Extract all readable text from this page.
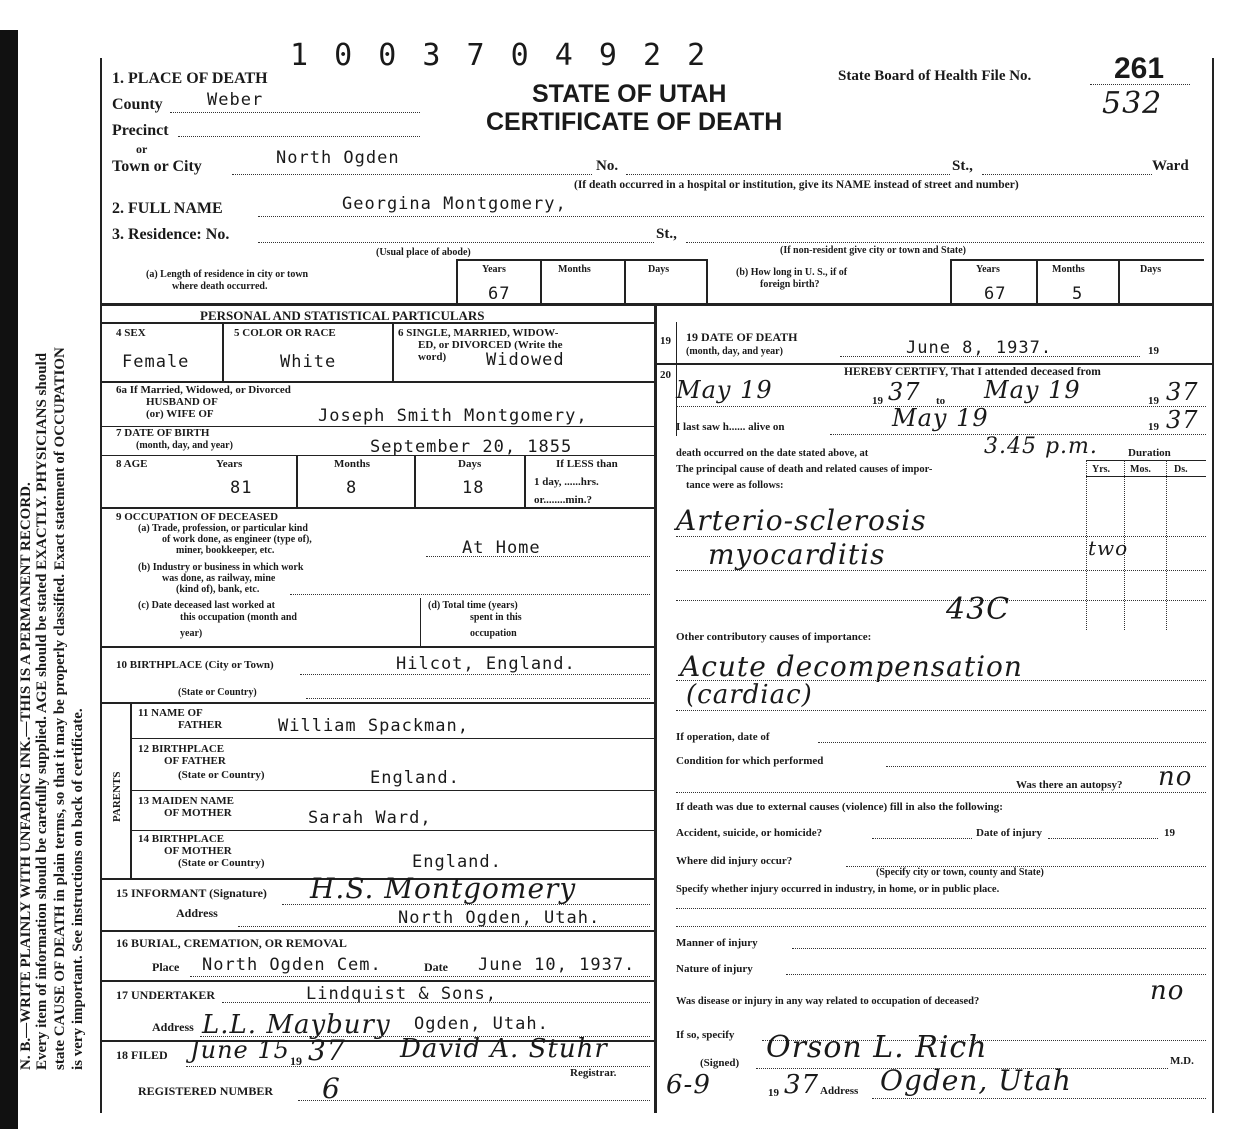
N. B.—WRITE PLAINLY WITH UNFADING INK.—THIS IS A PERMANENT RECORD. Every item of information should be carefully supplied. AGE should be stated EXACTLY. PHYSICIANS should state CAUSE OF DEATH in plain terms, so that it may be properly classified. Exact statement of OCCUPATION is very important. See instructions on back of certificate.
1 0 0 3 7 0 4 9 2 2
State Board of Health File No.	261
532
STATE OF UTAH
CERTIFICATE OF DEATH
1. PLACE OF DEATH
County	Weber
Precinct
or
Town or City	North Ogden	No.	St.,	Ward
(If death occurred in a hospital or institution, give its NAME instead of street and number)
2. FULL NAME	Georgina Montgomery,
3. Residence: No.	St.,
(Usual place of abode)	(If non-resident give city or town and State)
(a) Length of residence in city or town
where death occurred.
Years	Months	Days
67
(b) How long in U. S., if of
foreign birth?
Years	Months	Days
67	5
PERSONAL AND STATISTICAL PARTICULARS
4 SEX
Female
5 COLOR OR RACE
White
6 SINGLE, MARRIED, WIDOW-
ED, or DIVORCED (Write the
word) Widowed
6a If Married, Widowed, or Divorced
HUSBAND OF
(or) WIFE OF	Joseph Smith Montgomery,
7 DATE OF BIRTH
(month, day, and year)	September 20, 1855
8 AGE	Years	Months	Days
81	8	18
If LESS than
1 day, ......hrs.
or........min.?
9 OCCUPATION OF DECEASED
(a) Trade, profession, or particular kind
of work done, as engineer (type of),
miner, bookkeeper, etc.	At Home
(b) Industry or business in which work
was done, as railway, mine
(kind of), bank, etc.
(c) Date deceased last worked at
this occupation (month and
year)
(d) Total time (years)
spent in this
occupation
10 BIRTHPLACE (City or Town)	Hilcot, England.
(State or Country)
PARENTS
11 NAME OF
FATHER	William Spackman,
12 BIRTHPLACE
OF FATHER
(State or Country)	England.
13 MAIDEN NAME
OF MOTHER	Sarah Ward,
14 BIRTHPLACE
OF MOTHER
(State or Country)	England.
15 INFORMANT (Signature) H.S. Montgomery
Address	North Ogden, Utah.
16 BURIAL, CREMATION, OR REMOVAL
Place North Ogden Cem.	Date June 10, 1937.
17 UNDERTAKER	Lindquist & Sons,
Address L.L. Maybury Ogden, Utah.
18 FILED June 15 19 37 David A. Stuhr
Registrar.
REGISTERED NUMBER 6
19 19 DATE OF DEATH
(month, day, and year)	June 8, 1937.	19
20	HEREBY CERTIFY, That I attended deceased from
May 19	19 37 to May 19	19 37
I last saw h...... alive on	May 19	19 37
death occurred on the date stated above, at	3.45 p.m.	Duration
The principal cause of death and related causes of impor-
tance were as follows:
Yrs. Mos. Ds.
Arterio-sclerosis
myocarditis	two
43C
Other contributory causes of importance:
Acute decompensation
(cardiac)
If operation, date of
Condition for which performed
Was there an autopsy? no
If death was due to external causes (violence) fill in also the following:
Accident, suicide, or homicide?	Date of injury	19
Where did injury occur?
(Specify city or town, county and State)
Specify whether injury occurred in industry, in home, or in public place.
Manner of injury
Nature of injury
Was disease or injury in any way related to occupation of deceased?	no
If so, specify
(Signed) Orson L. Rich	M.D.
6-9	19 37 Address Ogden, Utah
